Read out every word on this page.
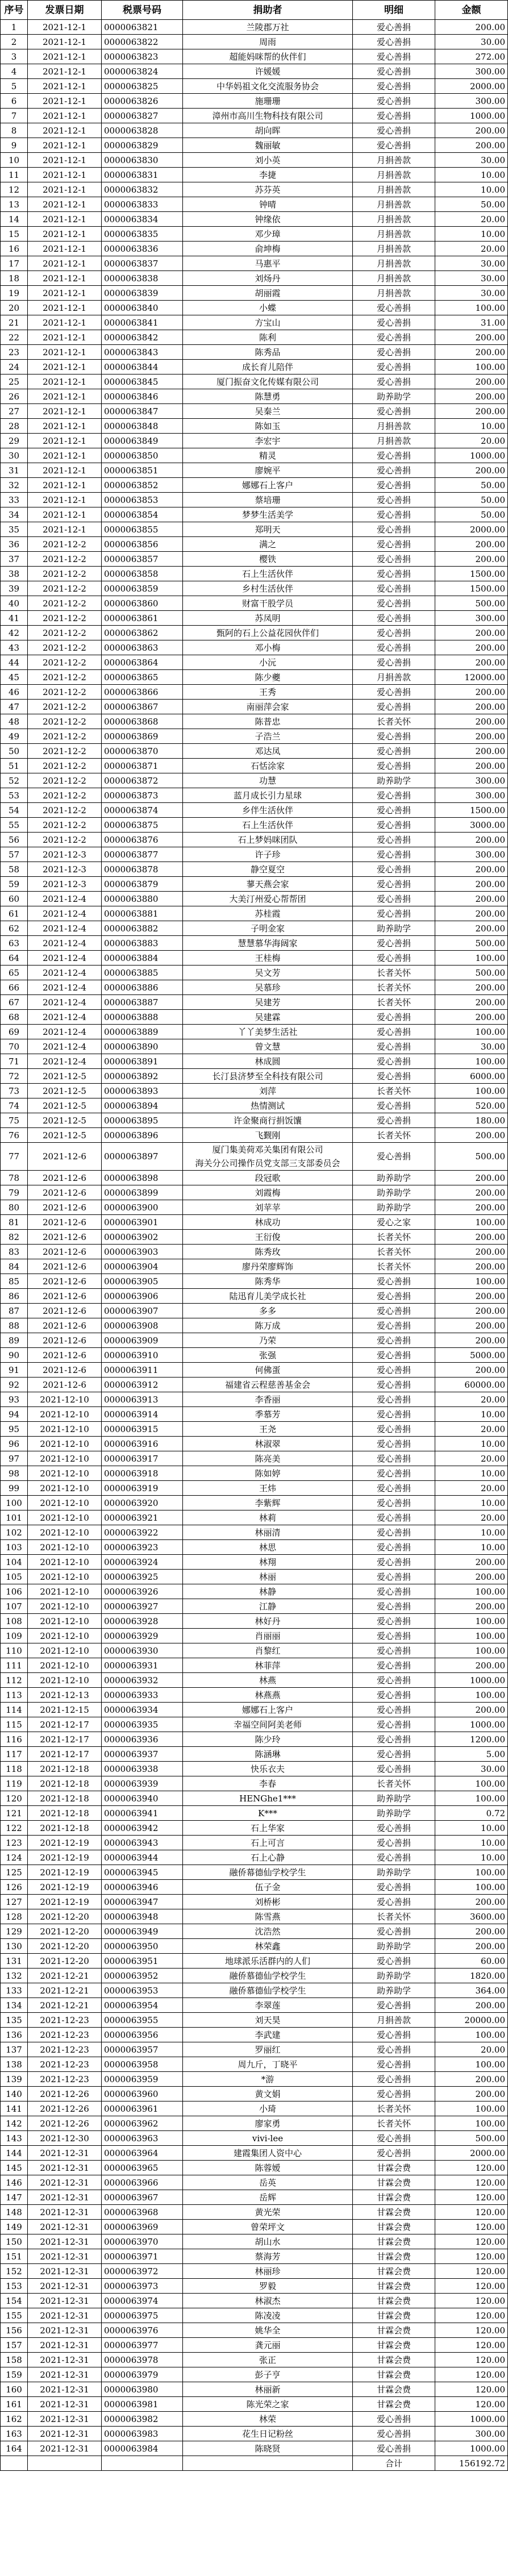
序号	发票日期	税票号码	捐助者	明细	金额
1	2021-12-1	0000063821	兰陵郡万社	爱心善捐	200.00
2	2021-12-1	0000063822	周雨	爱心善捐	30.00
3	2021-12-1	0000063823	超能妈咪帮的伙伴们	爱心善捐	272.00
4	2021-12-1	0000063824	许媛媛	爱心善捐	300.00
5	2021-12-1	0000063825	中华妈祖文化交流服务协会	爱心善捐	2000.00
6	2021-12-1	0000063826	施珊珊	爱心善捐	300.00
7	2021-12-1	0000063827	漳州市高川生物科技有限公司	爱心善捐	1000.00
8	2021-12-1	0000063828	胡向晖	爱心善捐	200.00
9	2021-12-1	0000063829	魏丽敏	爱心善捐	200.00
10	2021-12-1	0000063830	刘小英	月捐善款	30.00
11	2021-12-1	0000063831	李捷	月捐善款	10.00
12	2021-12-1	0000063832	苏芬英	月捐善款	10.00
13	2021-12-1	0000063833	钟晴	月捐善款	50.00
14	2021-12-1	0000063834	钟缘依	月捐善款	20.00
15	2021-12-1	0000063835	邓少璋	月捐善款	10.00
16	2021-12-1	0000063836	俞坤梅	月捐善款	20.00
17	2021-12-1	0000063837	马惠平	月捐善款	30.00
18	2021-12-1	0000063838	刘炀丹	月捐善款	30.00
19	2021-12-1	0000063839	胡丽霞	月捐善款	30.00
20	2021-12-1	0000063840	小蝶	爱心善捐	100.00
21	2021-12-1	0000063841	方宝山	爱心善捐	31.00
22	2021-12-1	0000063842	陈利	爱心善捐	200.00
23	2021-12-1	0000063843	陈秀品	爱心善捐	200.00
24	2021-12-1	0000063844	成长育儿陪伴	爱心善捐	100.00
25	2021-12-1	0000063845	厦门振奋文化传媒有限公司	爱心善捐	200.00
26	2021-12-1	0000063846	陈慧勇	助养助学	200.00
27	2021-12-1	0000063847	吴秦兰	爱心善捐	200.00
28	2021-12-1	0000063848	陈如玉	月捐善款	10.00
29	2021-12-1	0000063849	李宏宇	月捐善款	20.00
30	2021-12-1	0000063850	精灵	爱心善捐	1000.00
31	2021-12-1	0000063851	廖婉平	爱心善捐	200.00
32	2021-12-1	0000063852	娜娜石上客户	爱心善捐	50.00
33	2021-12-1	0000063853	蔡培珊	爱心善捐	50.00
34	2021-12-1	0000063854	梦梦生活美学	爱心善捐	50.00
35	2021-12-1	0000063855	郑明天	爱心善捐	2000.00
36	2021-12-2	0000063856	满之	爱心善捐	200.00
37	2021-12-2	0000063857	樱铁	爱心善捐	200.00
38	2021-12-2	0000063858	石上生活伙伴	爱心善捐	1500.00
39	2021-12-2	0000063859	乡村生活伙伴	爱心善捐	1500.00
40	2021-12-2	0000063860	财富干股学员	爱心善捐	500.00
41	2021-12-2	0000063861	苏凤明	爱心善捐	300.00
42	2021-12-2	0000063862	甄阿的石上公益花园伙伴们	爱心善捐	200.00
43	2021-12-2	0000063863	邓小梅	爱心善捐	200.00
44	2021-12-2	0000063864	小沅	爱心善捐	200.00
45	2021-12-2	0000063865	陈少夔	月捐善款	12000.00
46	2021-12-2	0000063866	王秀	爱心善捐	200.00
47	2021-12-2	0000063867	南丽萍会家	爱心善捐	200.00
48	2021-12-2	0000063868	陈普忠	长者关怀	200.00
49	2021-12-2	0000063869	子浩兰	爱心善捐	200.00
50	2021-12-2	0000063870	邓达凤	爱心善捐	200.00
51	2021-12-2	0000063871	石恬涂家	爱心善捐	200.00
52	2021-12-2	0000063872	功慧	助养助学	300.00
53	2021-12-2	0000063873	蓝月成长引力星球	爱心善捐	300.00
54	2021-12-2	0000063874	乡伴生活伙伴	爱心善捐	1500.00
55	2021-12-2	0000063875	石上生活伙伴	爱心善捐	3000.00
56	2021-12-2	0000063876	石上梦妈咪团队	爱心善捐	200.00
57	2021-12-3	0000063877	许子珍	爱心善捐	300.00
58	2021-12-3	0000063878	静空夏空	爱心善捐	200.00
59	2021-12-3	0000063879	蓼天燕会家	爱心善捐	200.00
60	2021-12-4	0000063880	大美汀州爱心帮帮团	爱心善捐	200.00
61	2021-12-4	0000063881	苏桂霞	爱心善捐	200.00
62	2021-12-4	0000063882	子明金家	助养助学	200.00
63	2021-12-4	0000063883	慧慧慕华海阔家	爱心善捐	500.00
64	2021-12-4	0000063884	王桂梅	爱心善捐	100.00
65	2021-12-4	0000063885	吴文芳	长者关怀	500.00
66	2021-12-4	0000063886	吴慕珍	长者关怀	200.00
67	2021-12-4	0000063887	吴建芳	长者关怀	200.00
68	2021-12-4	0000063888	吴建霖	爱心善捐	200.00
69	2021-12-4	0000063889	丫丫美梦生活社	爱心善捐	100.00
70	2021-12-4	0000063890	曾文慧	爱心善捐	30.00
71	2021-12-4	0000063891	林成圆	爱心善捐	100.00
72	2021-12-5	0000063892	长汀县济梦至全科技有限公司	爱心善捐	6000.00
73	2021-12-5	0000063893	刘萍	长者关怀	100.00
74	2021-12-5	0000063894	热情测试	爱心善捐	520.00
75	2021-12-5	0000063895	许金聚商行捐饭馕	爱心善捐	180.00
76	2021-12-5	0000063896	飞觐刚	长者关怀	200.00
77	2021-12-6	0000063897	厦门集美荷邓关集团有限公司
海关分公司操作员党支部三支部委员会	爱心善捐	500.00
78	2021-12-6	0000063898	段冠歌	助养助学	200.00
79	2021-12-6	0000063899	刘霞梅	助养助学	200.00
80	2021-12-6	0000063900	刘苹苹	助养助学	200.00
81	2021-12-6	0000063901	林成功	爱心之家	100.00
82	2021-12-6	0000063902	王衍俊	长者关怀	200.00
83	2021-12-6	0000063903	陈秀玫	长者关怀	200.00
84	2021-12-6	0000063904	廖丹荣廖辉饰	长者关怀	200.00
85	2021-12-6	0000063905	陈秀华	爱心善捐	100.00
86	2021-12-6	0000063906	陆迅育儿美学成长社	爱心善捐	200.00
87	2021-12-6	0000063907	多多	爱心善捐	200.00
88	2021-12-6	0000063908	陈万成	爱心善捐	200.00
89	2021-12-6	0000063909	乃荣	爱心善捐	200.00
90	2021-12-6	0000063910	张强	爱心善捐	5000.00
91	2021-12-6	0000063911	何佛蛋	爱心善捐	200.00
92	2021-12-6	0000063912	福建省云程慈善基金会	爱心善捐	60000.00
93	2021-12-10	0000063913	李香丽	爱心善捐	20.00
94	2021-12-10	0000063914	季慕芳	爱心善捐	10.00
95	2021-12-10	0000063915	王尧	爱心善捐	20.00
96	2021-12-10	0000063916	林淑翠	爱心善捐	10.00
97	2021-12-10	0000063917	陈亮美	爱心善捐	20.00
98	2021-12-10	0000063918	陈如婷	爱心善捐	10.00
99	2021-12-10	0000063919	王炜	爱心善捐	20.00
100	2021-12-10	0000063920	李紫辉	爱心善捐	10.00
101	2021-12-10	0000063921	林莉	爱心善捐	20.00
102	2021-12-10	0000063922	林丽清	爱心善捐	10.00
103	2021-12-10	0000063923	林思	爱心善捐	10.00
104	2021-12-10	0000063924	林翔	爱心善捐	200.00
105	2021-12-10	0000063925	林丽	爱心善捐	200.00
106	2021-12-10	0000063926	林静	爱心善捐	100.00
107	2021-12-10	0000063927	江静	爱心善捐	200.00
108	2021-12-10	0000063928	林好丹	爱心善捐	100.00
109	2021-12-10	0000063929	肖丽丽	爱心善捐	100.00
110	2021-12-10	0000063930	肖黎红	爱心善捐	100.00
111	2021-12-10	0000063931	林菲萍	爱心善捐	200.00
112	2021-12-10	0000063932	林燕	爱心善捐	1000.00
113	2021-12-13	0000063933	林燕燕	爱心善捐	100.00
114	2021-12-15	0000063934	娜娜石上客户	爱心善捐	200.00
115	2021-12-17	0000063935	幸福空间阿美老师	爱心善捐	1000.00
116	2021-12-17	0000063936	陈少玲	爱心善捐	1200.00
117	2021-12-17	0000063937	陈涵琳	爱心善捐	5.00
118	2021-12-18	0000063938	快乐衣夫	爱心善捐	30.00
119	2021-12-18	0000063939	李春	长者关怀	100.00
120	2021-12-18	0000063940	HENGhe1***	助养助学	100.00
121	2021-12-18	0000063941	K***	助养助学	0.72
122	2021-12-18	0000063942	石上华家	爱心善捐	10.00
123	2021-12-19	0000063943	石上可言	爱心善捐	10.00
124	2021-12-19	0000063944	石上心静	爱心善捐	10.00
125	2021-12-19	0000063945	融侨幕德仙学校学生	助养助学	100.00
126	2021-12-19	0000063946	伍子金	爱心善捐	100.00
127	2021-12-19	0000063947	刘桥彬	爱心善捐	200.00
128	2021-12-20	0000063948	陈雪燕	长者关怀	3600.00
129	2021-12-20	0000063949	沈浩然	爱心善捐	200.00
130	2021-12-20	0000063950	林荣鑫	助养助学	200.00
131	2021-12-20	0000063951	地球派乐活群内的人们	爱心善捐	60.00
132	2021-12-21	0000063952	融侨慕德仙学校学生	助养助学	1820.00
133	2021-12-21	0000063953	融侨慕德仙学校学生	助养助学	364.00
134	2021-12-21	0000063954	李翠莲	爱心善捐	200.00
135	2021-12-23	0000063955	刘天昊	月捐善款	20000.00
136	2021-12-23	0000063956	李武建	爱心善捐	100.00
137	2021-12-23	0000063957	罗丽红	爱心善捐	20.00
138	2021-12-23	0000063958	周九斤，丁晓平	爱心善捐	100.00
139	2021-12-23	0000063959	*游	爱心善捐	200.00
140	2021-12-26	0000063960	黄文娟	爱心善捐	200.00
141	2021-12-26	0000063961	小琦	长者关怀	100.00
142	2021-12-26	0000063962	廖家勇	长者关怀	100.00
143	2021-12-30	0000063963	vivi-lee	爱心善捐	500.00
144	2021-12-31	0000063964	建霞集团人资中心	爱心善捐	2000.00
145	2021-12-31	0000063965	陈蓉嫒	甘霖会费	120.00
146	2021-12-31	0000063966	岳英	甘霖会费	120.00
147	2021-12-31	0000063967	岳辉	甘霖会费	120.00
148	2021-12-31	0000063968	黄光荣	甘霖会费	120.00
149	2021-12-31	0000063969	曾荣坪文	甘霖会费	120.00
150	2021-12-31	0000063970	胡山水	甘霖会费	120.00
151	2021-12-31	0000063971	蔡海芳	甘霖会费	120.00
152	2021-12-31	0000063972	林丽珍	甘霖会费	120.00
153	2021-12-31	0000063973	罗毅	甘霖会费	120.00
154	2021-12-31	0000063974	林淑杰	甘霖会费	120.00
155	2021-12-31	0000063975	陈凌凌	甘霖会费	120.00
156	2021-12-31	0000063976	姚华全	甘霖会费	120.00
157	2021-12-31	0000063977	龚元丽	甘霖会费	120.00
158	2021-12-31	0000063978	张正	甘霖会费	120.00
159	2021-12-31	0000063979	彭子亨	甘霖会费	120.00
160	2021-12-31	0000063980	林丽新	甘霖会费	120.00
161	2021-12-31	0000063981	陈光荣之家	甘霖会费	120.00
162	2021-12-31	0000063982	林荣	爱心善捐	1000.00
163	2021-12-31	0000063983	花生日记粉丝	爱心善捐	300.00
164	2021-12-31	0000063984	陈晓贤	爱心善捐	1000.00
				合计	156192.72
